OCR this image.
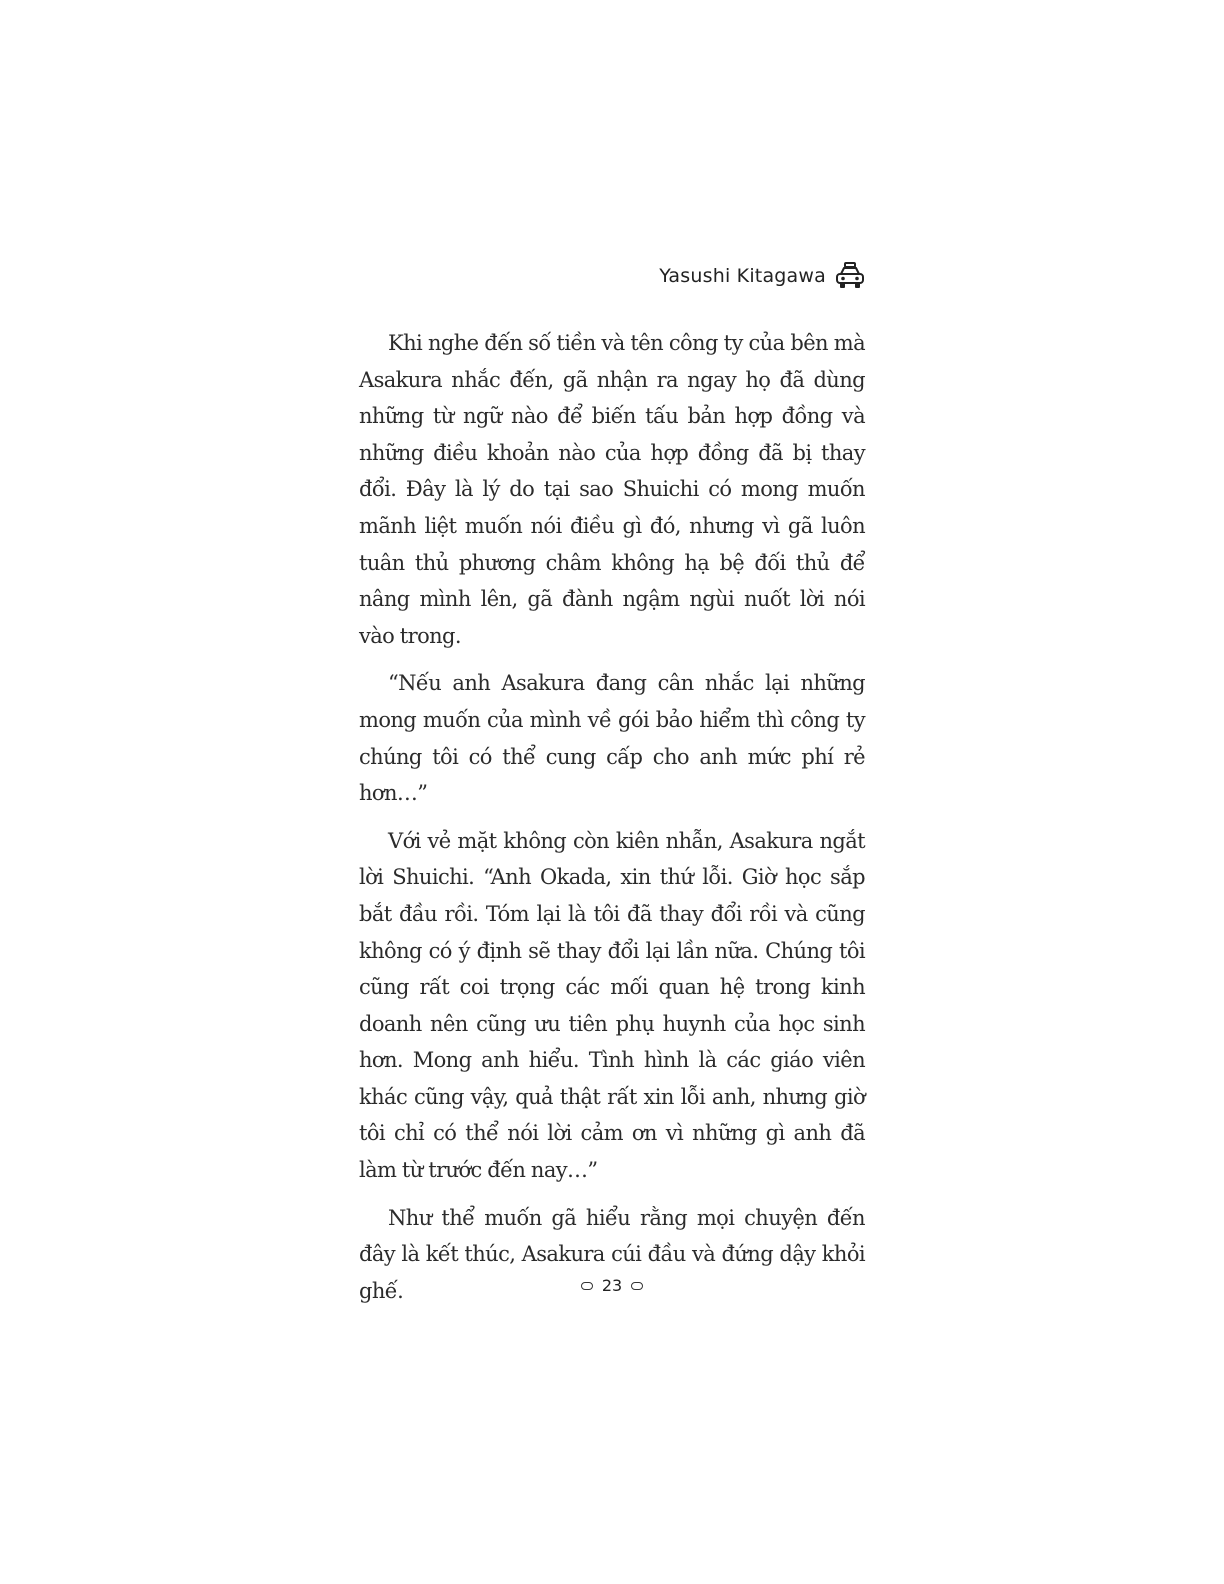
Yasushi Kitagawa

Khi nghe đến số tiền và tên công ty của bên mà Asakura nhắc đến, gã nhận ra ngay họ đã dùng những từ ngữ nào để biến tấu bản hợp đồng và những điều khoản nào của hợp đồng đã bị thay đổi. Đây là lý do tại sao Shuichi có mong muốn mãnh liệt muốn nói điều gì đó, nhưng vì gã luôn tuân thủ phương châm không hạ bệ đối thủ để nâng mình lên, gã đành ngậm ngùi nuốt lời nói vào trong.

“Nếu anh Asakura đang cân nhắc lại những mong muốn của mình về gói bảo hiểm thì công ty chúng tôi có thể cung cấp cho anh mức phí rẻ hơn…”

Với vẻ mặt không còn kiên nhẫn, Asakura ngắt lời Shuichi. “Anh Okada, xin thứ lỗi. Giờ học sắp bắt đầu rồi. Tóm lại là tôi đã thay đổi rồi và cũng không có ý định sẽ thay đổi lại lần nữa. Chúng tôi cũng rất coi trọng các mối quan hệ trong kinh doanh nên cũng ưu tiên phụ huynh của học sinh hơn. Mong anh hiểu. Tình hình là các giáo viên khác cũng vậy, quả thật rất xin lỗi anh, nhưng giờ tôi chỉ có thể nói lời cảm ơn vì những gì anh đã làm từ trước đến nay…”

Như thể muốn gã hiểu rằng mọi chuyện đến đây là kết thúc, Asakura cúi đầu và đứng dậy khỏi ghế.	23
